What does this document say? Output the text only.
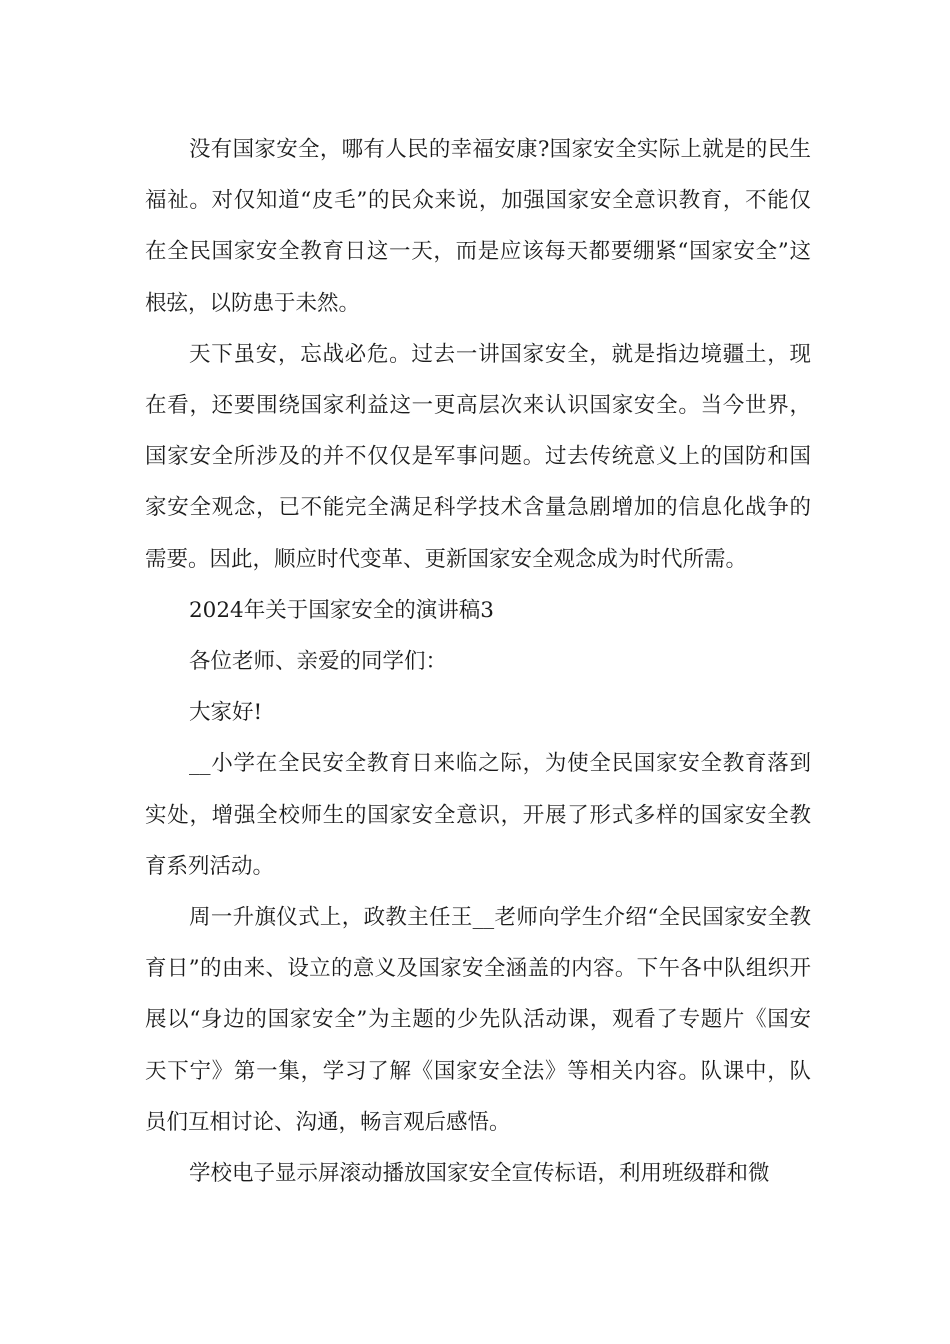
没有国家安全，哪有人民的幸福安康?国家安全实际上就是的民生福祉。对仅知道“皮毛”的民众来说，加强国家安全意识教育，不能仅在全民国家安全教育日这一天，而是应该每天都要绷紧“国家安全”这根弦，以防患于未然。

天下虽安，忘战必危。过去一讲国家安全，就是指边境疆土，现在看，还要围绕国家利益这一更高层次来认识国家安全。当今世界，国家安全所涉及的并不仅仅是军事问题。过去传统意义上的国防和国家安全观念，已不能完全满足科学技术含量急剧增加的信息化战争的需要。因此，顺应时代变革、更新国家安全观念成为时代所需。

2024年关于国家安全的演讲稿3

各位老师、亲爱的同学们：

大家好!

__小学在全民安全教育日来临之际，为使全民国家安全教育落到实处，增强全校师生的国家安全意识，开展了形式多样的国家安全教育系列活动。

周一升旗仪式上，政教主任王__老师向学生介绍“全民国家安全教育日”的由来、设立的意义及国家安全涵盖的内容。下午各中队组织开展以“身边的国家安全”为主题的少先队活动课，观看了专题片《国安天下宁》第一集，学习了解《国家安全法》等相关内容。队课中，队员们互相讨论、沟通，畅言观后感悟。

学校电子显示屏滚动播放国家安全宣传标语，利用班级群和微
